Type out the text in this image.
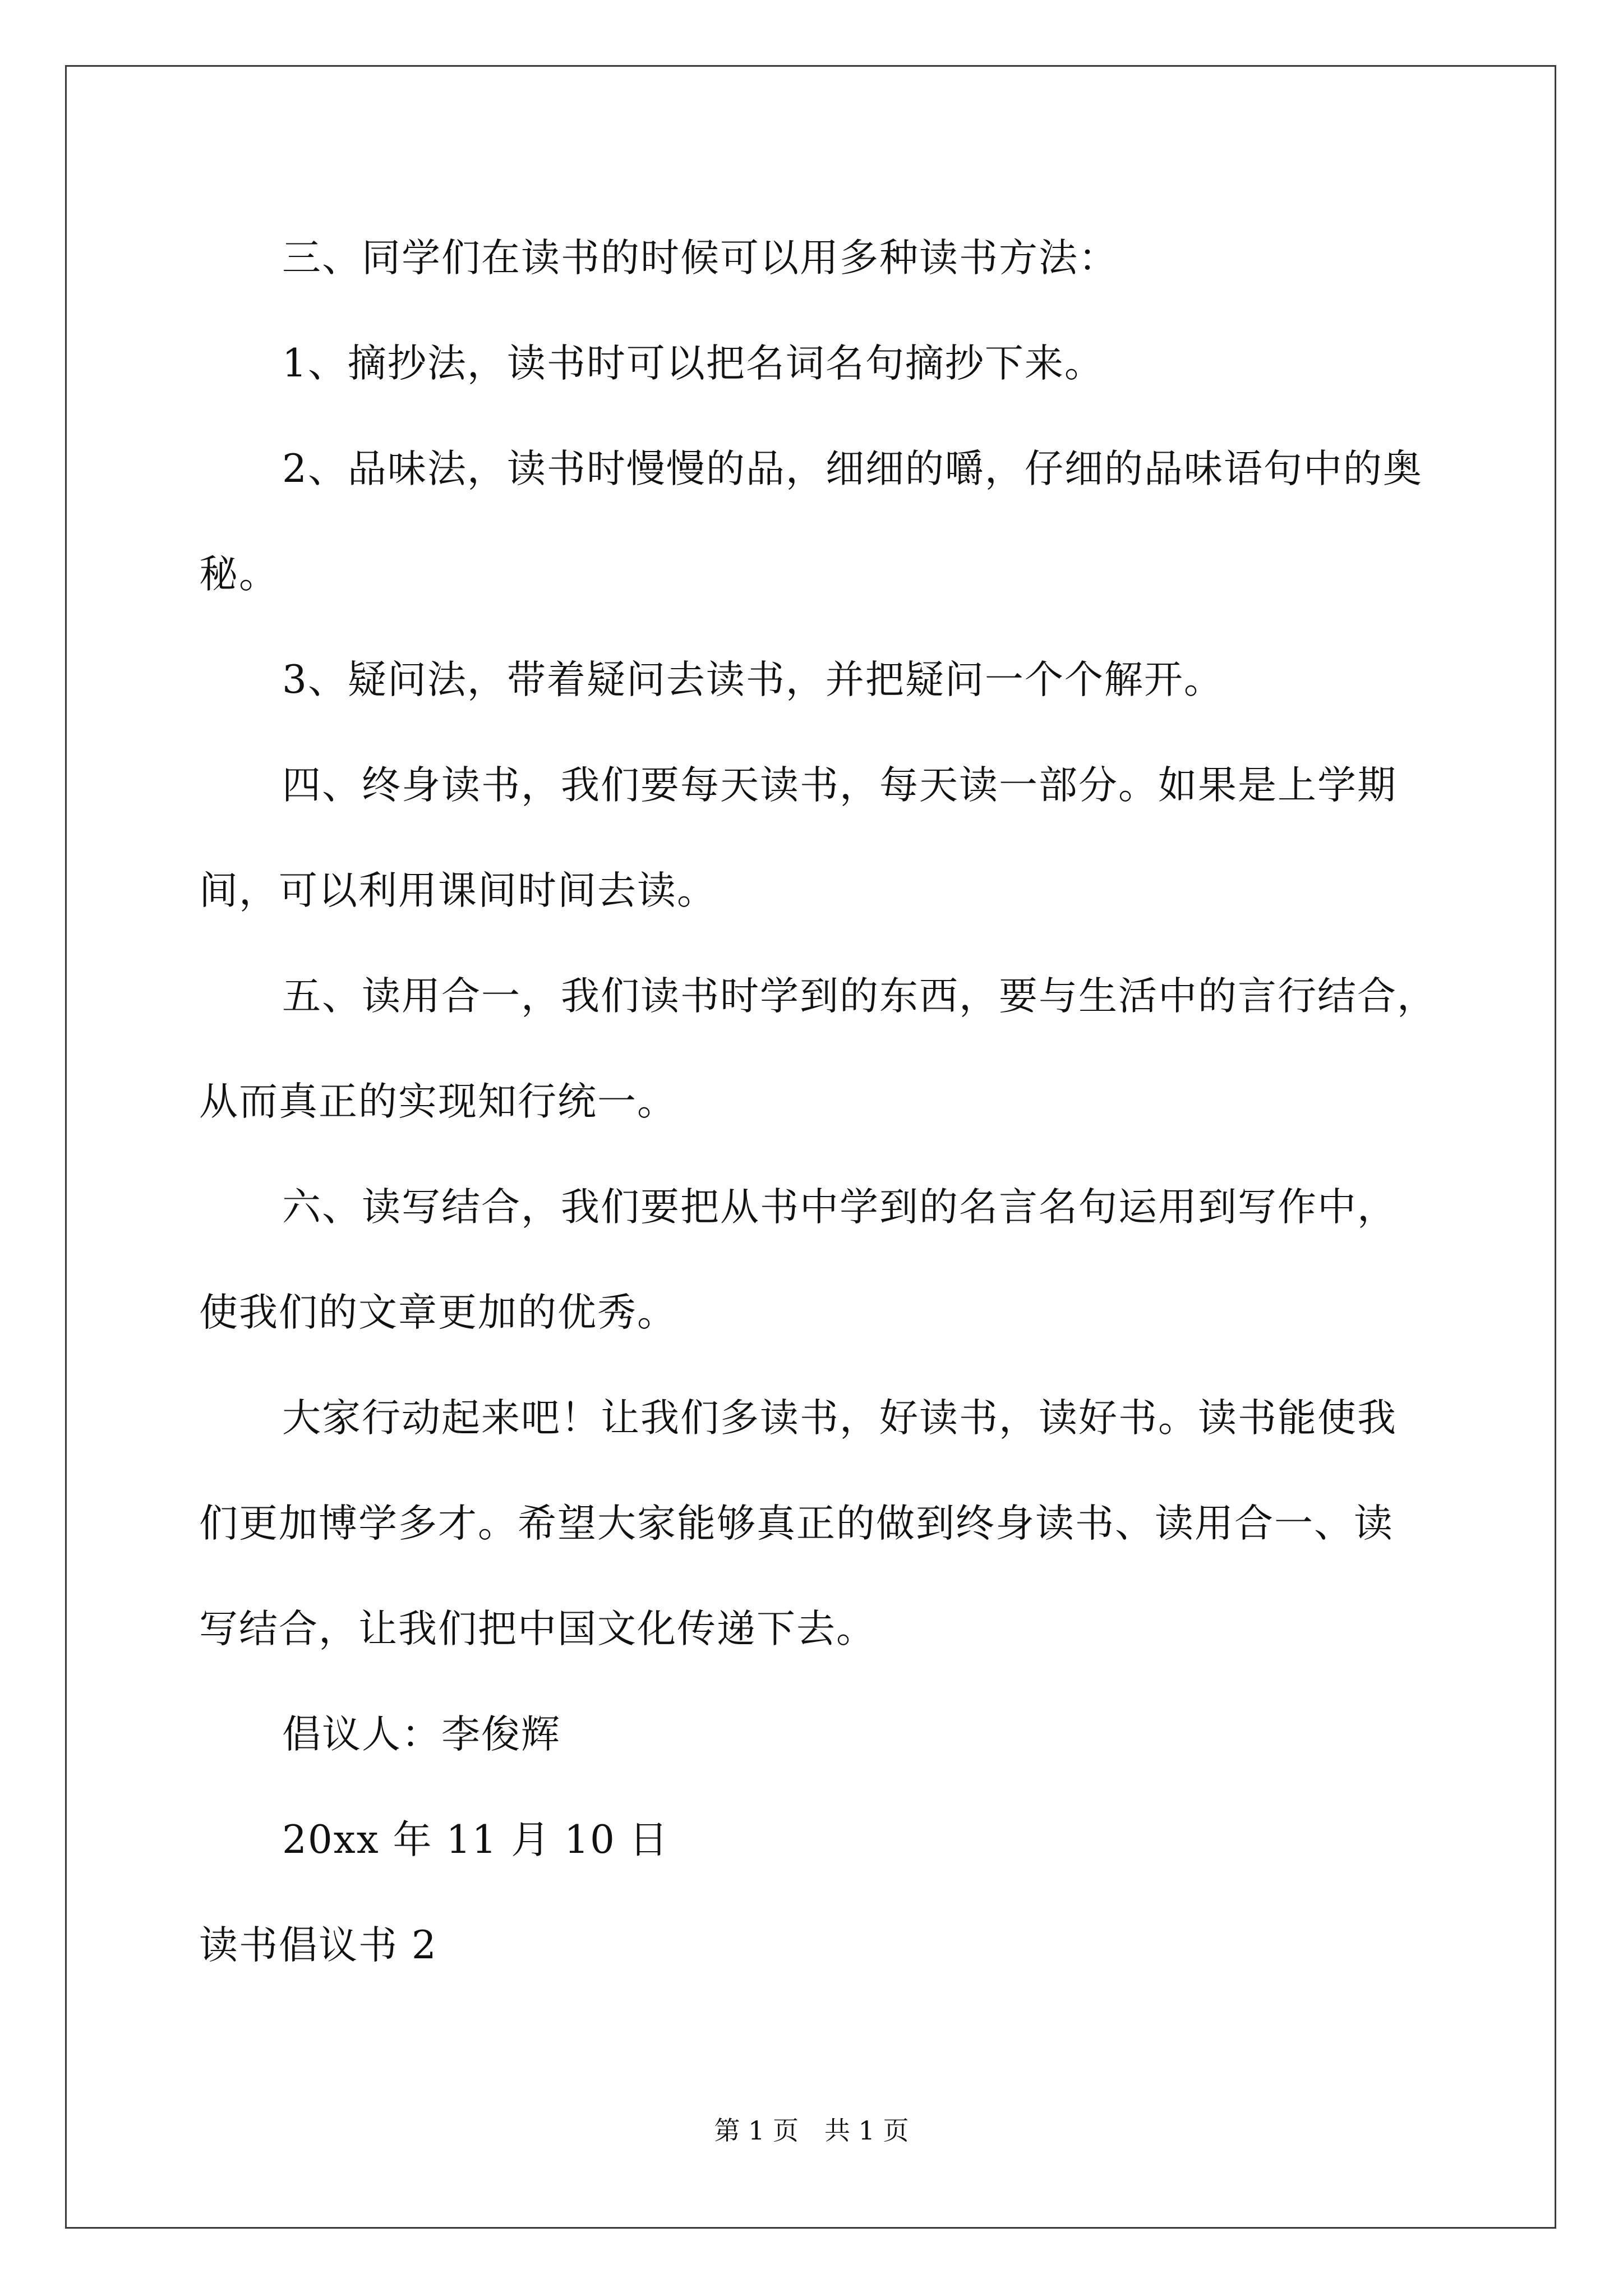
三、同学们在读书的时候可以用多种读书方法：
1、摘抄法，读书时可以把名词名句摘抄下来。
2、品味法，读书时慢慢的品，细细的嚼，仔细的品味语句中的奥
秘。
3、疑问法，带着疑问去读书，并把疑问一个个解开。
四、终身读书，我们要每天读书，每天读一部分。如果是上学期
间，可以利用课间时间去读。
五、读用合一，我们读书时学到的东西，要与生活中的言行结合，
从而真正的实现知行统一。
六、读写结合，我们要把从书中学到的名言名句运用到写作中，
使我们的文章更加的优秀。
大家行动起来吧！让我们多读书，好读书，读好书。读书能使我
们更加博学多才。希望大家能够真正的做到终身读书、读用合一、读
写结合，让我们把中国文化传递下去。
倡议人：李俊辉
20xx 年 11 月 10 日
读书倡议书 2
第 1 页　共 1 页
